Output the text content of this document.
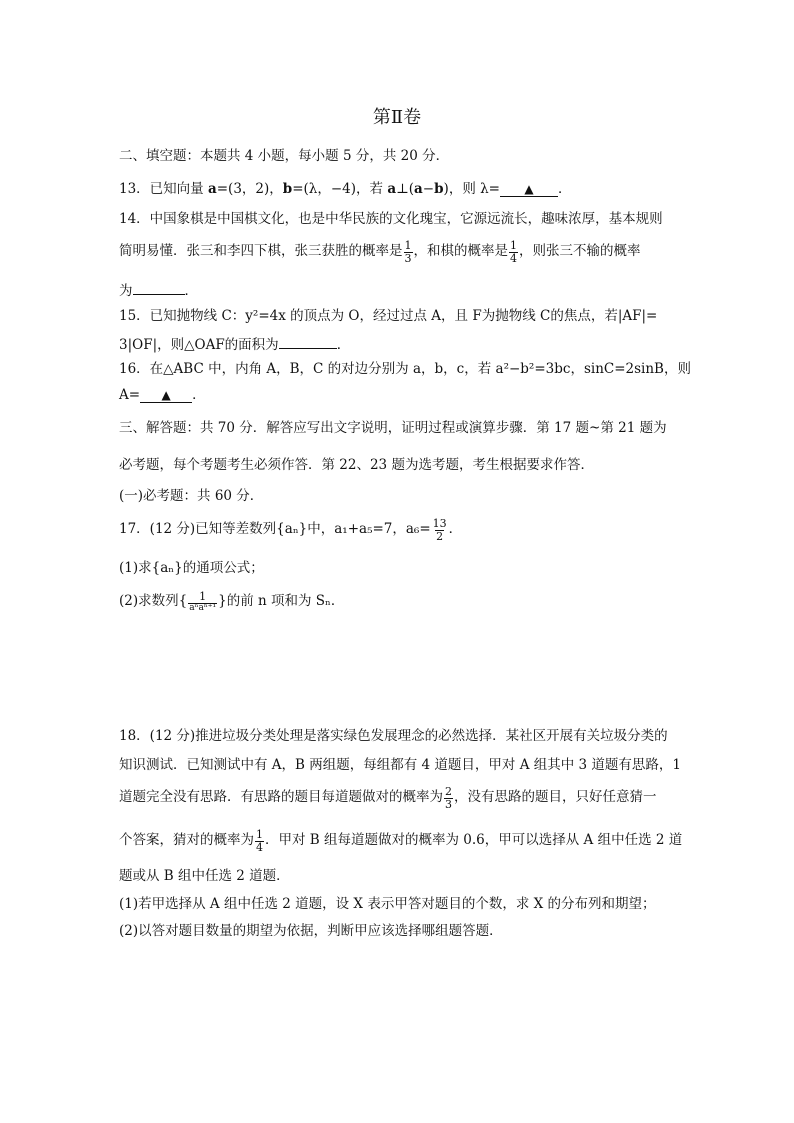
第Ⅱ卷
二、填空题：本题共 4 小题，每小题 5 分，共 20 分．
13．已知向量 a=(3，2)，b=(λ，−4)，若 a⊥(a−b)，则 λ= ▲ ．
14．中国象棋是中国棋文化，也是中华民族的文化瑰宝，它源远流长，趣味浓厚，基本规则
简明易懂．张三和李四下棋，张三获胜的概率是 $\frac{1}{3}$ ，和棋的概率是 $\frac{1}{4}$ ，则张三不输的概率
为	．
15．已知抛物线 C：y²=4x 的顶点为 O，经过过点 A，且 F为抛物线 C的焦点，若|AF|=
3|OF|，则△OAF的面积为	．
16．在△ABC 中，内角 A，B，C 的对边分别为 a，b，c，若 a²−b²=3bc，sinC=2sinB，则
A= ▲ ．
三、解答题：共 70 分．解答应写出文字说明，证明过程或演算步骤．第 17 题~第 21 题为
必考题，每个考题考生必须作答．第 22、23 题为选考题，考生根据要求作答．
(一)必考题：共 60 分．
17．(12 分)已知等差数列{aₙ}中，a₁+a₅=7，$a_6= \frac{13}{2}$ ．
(1)求{aₙ}的通项公式；
(2)求数列{ $\frac{1}{\text{aⁿaⁿ⁺¹}}$ }的前 n 项和为 Sₙ．
18．(12 分)推进垃圾分类处理是落实绿色发展理念的必然选择．某社区开展有关垃圾分类的
知识测试．已知测试中有 A，B 两组题，每组都有 4 道题目，甲对 A 组其中 3 道题有思路，1
道题完全没有思路．有思路的题目每道题做对的概率为 $\frac{2}{3}$ ，没有思路的题目，只好任意猜一
个答案，猜对的概率为 $\frac{1}{4}$ ．甲对 B 组每道题做对的概率为 0.6，甲可以选择从 A 组中任选 2 道
题或从 B 组中任选 2 道题．
(1)若甲选择从 A 组中任选 2 道题，设 X 表示甲答对题目的个数，求 X 的分布列和期望；
(2)以答对题目数量的期望为依据，判断甲应该选择哪组题答题．
